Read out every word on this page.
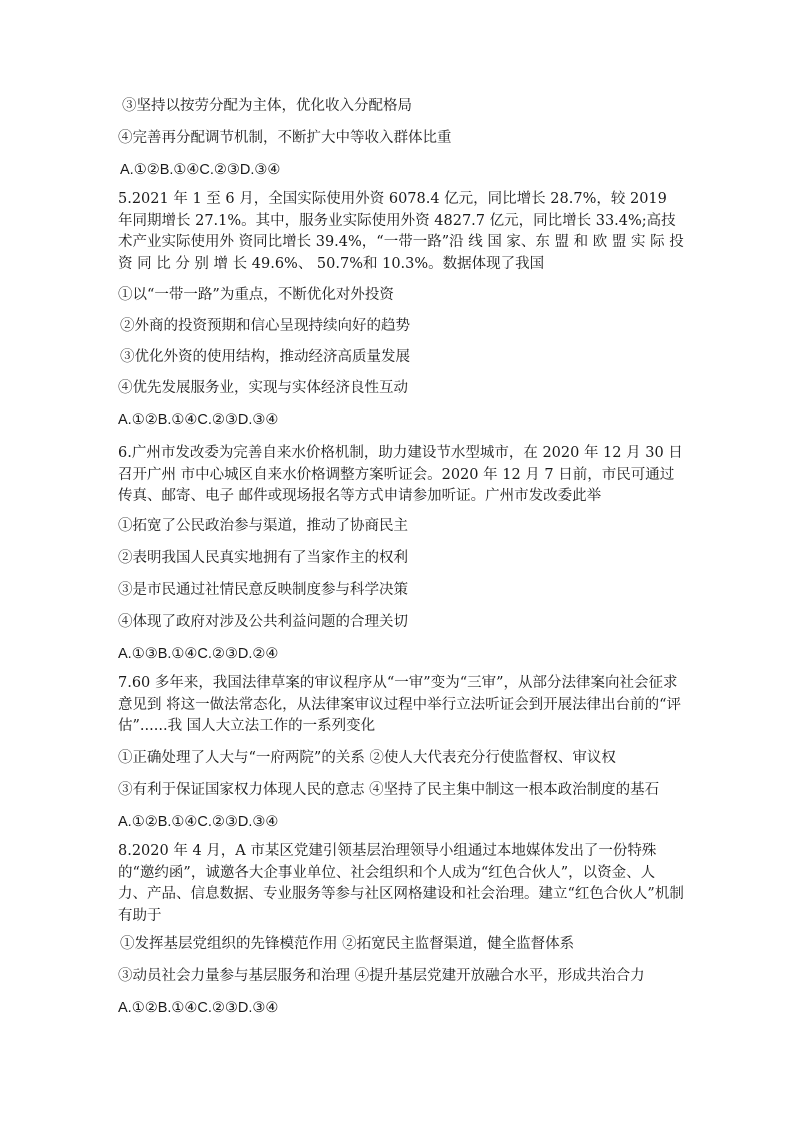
③坚持以按劳分配为主体，优化收入分配格局
④完善再分配调节机制，不断扩大中等收入群体比重
A.①②B.①④C.②③D.③④
5.2021 年 1 至 6 月，全国实际使用外资 6078.4 亿元，同比增长 28.7%，较 2019 年同期增长 27.1%。其中，服务业实际使用外资 4827.7 亿元，同比增长 33.4%;高技术产业实际使用外 资同比增长 39.4%，“一带一路”沿 线 国 家、东 盟 和 欧 盟 实 际 投 资 同 比 分 别 增 长 49.6%、 50.7%和 10.3%。数据体现了我国
①以“一带一路”为重点，不断优化对外投资
②外商的投资预期和信心呈现持续向好的趋势
③优化外资的使用结构，推动经济高质量发展
④优先发展服务业，实现与实体经济良性互动
A.①②B.①④C.②③D.③④
6.广州市发改委为完善自来水价格机制，助力建设节水型城市，在 2020 年 12 月 30 日召开广州 市中心城区自来水价格调整方案听证会。2020 年 12 月 7 日前，市民可通过传真、邮寄、电子 邮件或现场报名等方式申请参加听证。广州市发改委此举
①拓宽了公民政治参与渠道，推动了协商民主
②表明我国人民真实地拥有了当家作主的权利
③是市民通过社情民意反映制度参与科学决策
④体现了政府对涉及公共利益问题的合理关切
A.①③B.①④C.②③D.②④
7.60 多年来，我国法律草案的审议程序从“一审”变为“三审”，从部分法律案向社会征求意见到 将这一做法常态化，从法律案审议过程中举行立法听证会到开展法律出台前的“评估”......我 国人大立法工作的一系列变化
①正确处理了人大与“一府两院”的关系 ②使人大代表充分行使监督权、审议权
③有利于保证国家权力体现人民的意志 ④坚持了民主集中制这一根本政治制度的基石
A.①②B.①④C.②③D.③④
8.2020 年 4 月，A 市某区党建引领基层治理领导小组通过本地媒体发出了一份特殊的“邀约函”，诚邀各大企事业单位、社会组织和个人成为“红色合伙人”，以资金、人力、产品、信息数据、专业服务等参与社区网格建设和社会治理。建立“红色合伙人”机制有助于
①发挥基层党组织的先锋模范作用 ②拓宽民主监督渠道，健全监督体系
③动员社会力量参与基层服务和治理 ④提升基层党建开放融合水平，形成共治合力
A.①②B.①④C.②③D.③④
